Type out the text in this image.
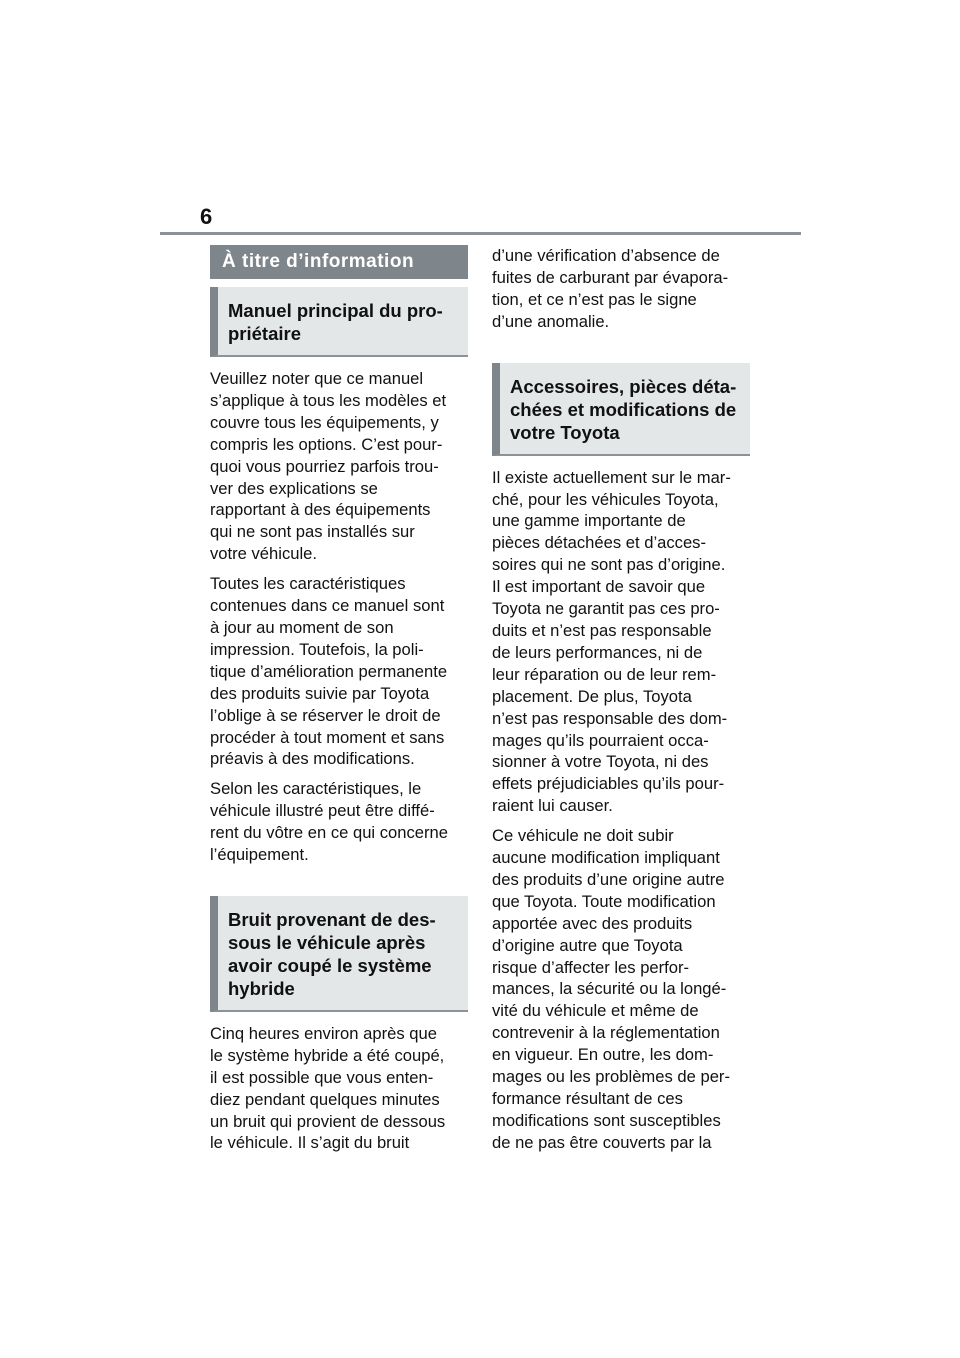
6
À titre d’information
Manuel principal du pro-
priétaire

Veuillez noter que ce manuel
s’applique à tous les modèles et
couvre tous les équipements, y
compris les options. C’est pour-
quoi vous pourriez parfois trou-
ver des explications se
rapportant à des équipements
qui ne sont pas installés sur
votre véhicule.

Toutes les caractéristiques
contenues dans ce manuel sont
à jour au moment de son
impression. Toutefois, la poli-
tique d’amélioration permanente
des produits suivie par Toyota
l’oblige à se réserver le droit de
procéder à tout moment et sans
préavis à des modifications.

Selon les caractéristiques, le
véhicule illustré peut être diffé-
rent du vôtre en ce qui concerne
l’équipement.

Bruit provenant de des-
sous le véhicule après
avoir coupé le système
hybride

Cinq heures environ après que
le système hybride a été coupé,
il est possible que vous enten-
diez pendant quelques minutes
un bruit qui provient de dessous
le véhicule. Il s’agit du bruit

d’une vérification d’absence de
fuites de carburant par évapora-
tion, et ce n’est pas le signe
d’une anomalie.

Accessoires, pièces déta-
chées et modifications de
votre Toyota

Il existe actuellement sur le mar-
ché, pour les véhicules Toyota,
une gamme importante de
pièces détachées et d’acces-
soires qui ne sont pas d’origine.
Il est important de savoir que
Toyota ne garantit pas ces pro-
duits et n’est pas responsable
de leurs performances, ni de
leur réparation ou de leur rem-
placement. De plus, Toyota
n’est pas responsable des dom-
mages qu’ils pourraient occa-
sionner à votre Toyota, ni des
effets préjudiciables qu’ils pour-
raient lui causer.

Ce véhicule ne doit subir
aucune modification impliquant
des produits d’une origine autre
que Toyota. Toute modification
apportée avec des produits
d’origine autre que Toyota
risque d’affecter les perfor-
mances, la sécurité ou la longé-
vité du véhicule et même de
contrevenir à la réglementation
en vigueur. En outre, les dom-
mages ou les problèmes de per-
formance résultant de ces
modifications sont susceptibles
de ne pas être couverts par la
